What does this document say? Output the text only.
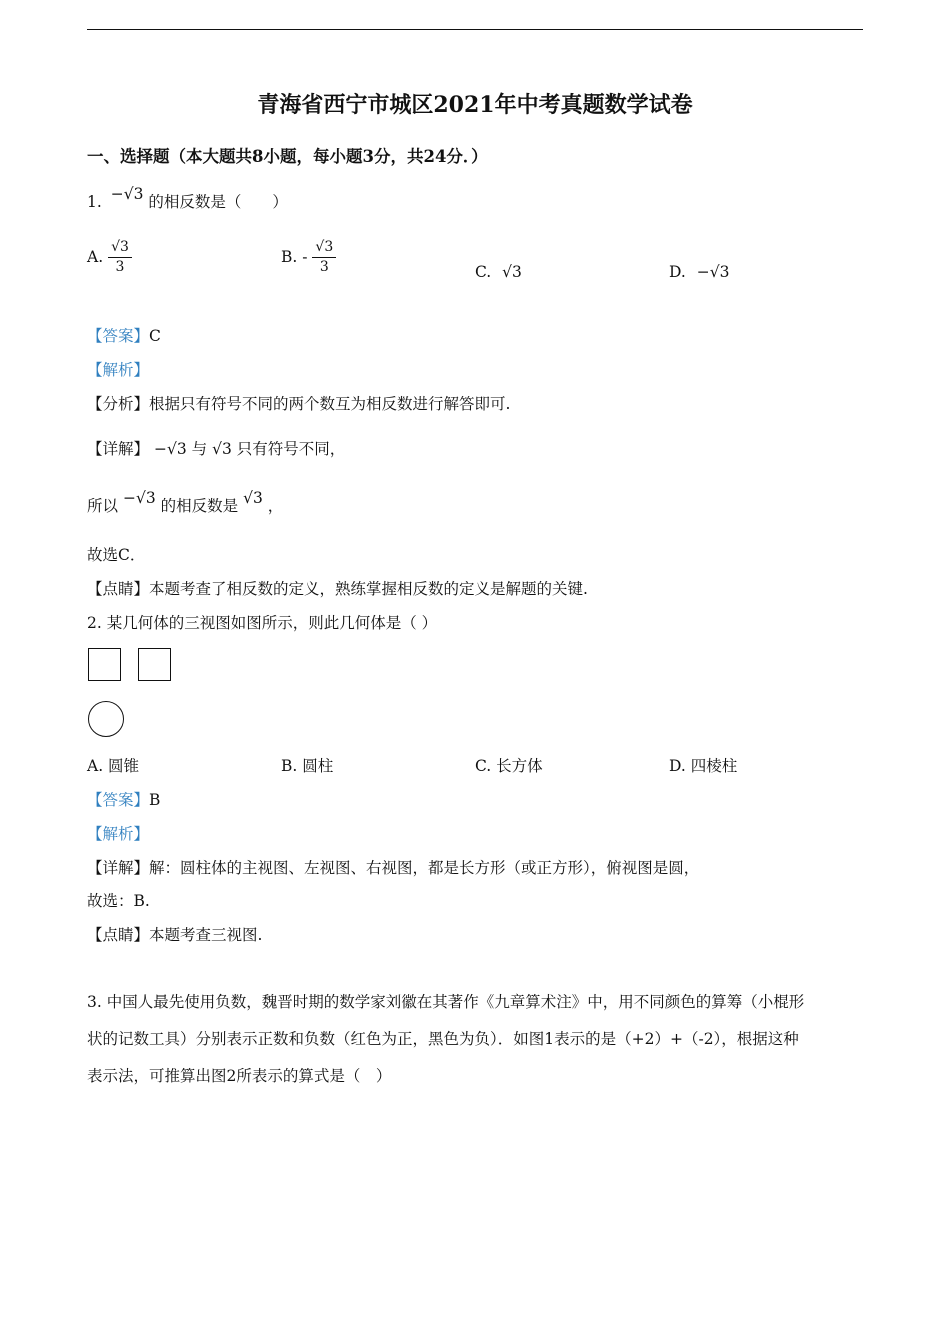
青海省西宁市城区2021年中考真题数学试卷
一、选择题（本大题共8小题，每小题3分，共24分．）
1. −√3 的相反数是（　　）
A. $\frac{√3}{3}$	B. - $\frac{√3}{3}$	C. √3	D. −√3
【答案】C
【解析】
【分析】根据只有符号不同的两个数互为相反数进行解答即可.
【详解】 −√3 与 √3 只有符号不同，
所以 −√3 的相反数是 √3 ，
故选C．
【点睛】本题考查了相反数的定义，熟练掌握相反数的定义是解题的关键.
2. 某几何体的三视图如图所示，则此几何体是（ ）
A. 圆锥	B. 圆柱	C. 长方体	D. 四棱柱
【答案】B
【解析】
【详解】解：圆柱体的主视图、左视图、右视图，都是长方形（或正方形），俯视图是圆，
故选：B.
【点睛】本题考查三视图.
3. 中国人最先使用负数，魏晋时期的数学家刘徽在其著作《九章算术注》中，用不同颜色的算筹（小棍形
状的记数工具）分别表示正数和负数（红色为正，黑色为负）．如图1表示的是（+2）+（-2），根据这种
表示法，可推算出图2所表示的算式是（　）
